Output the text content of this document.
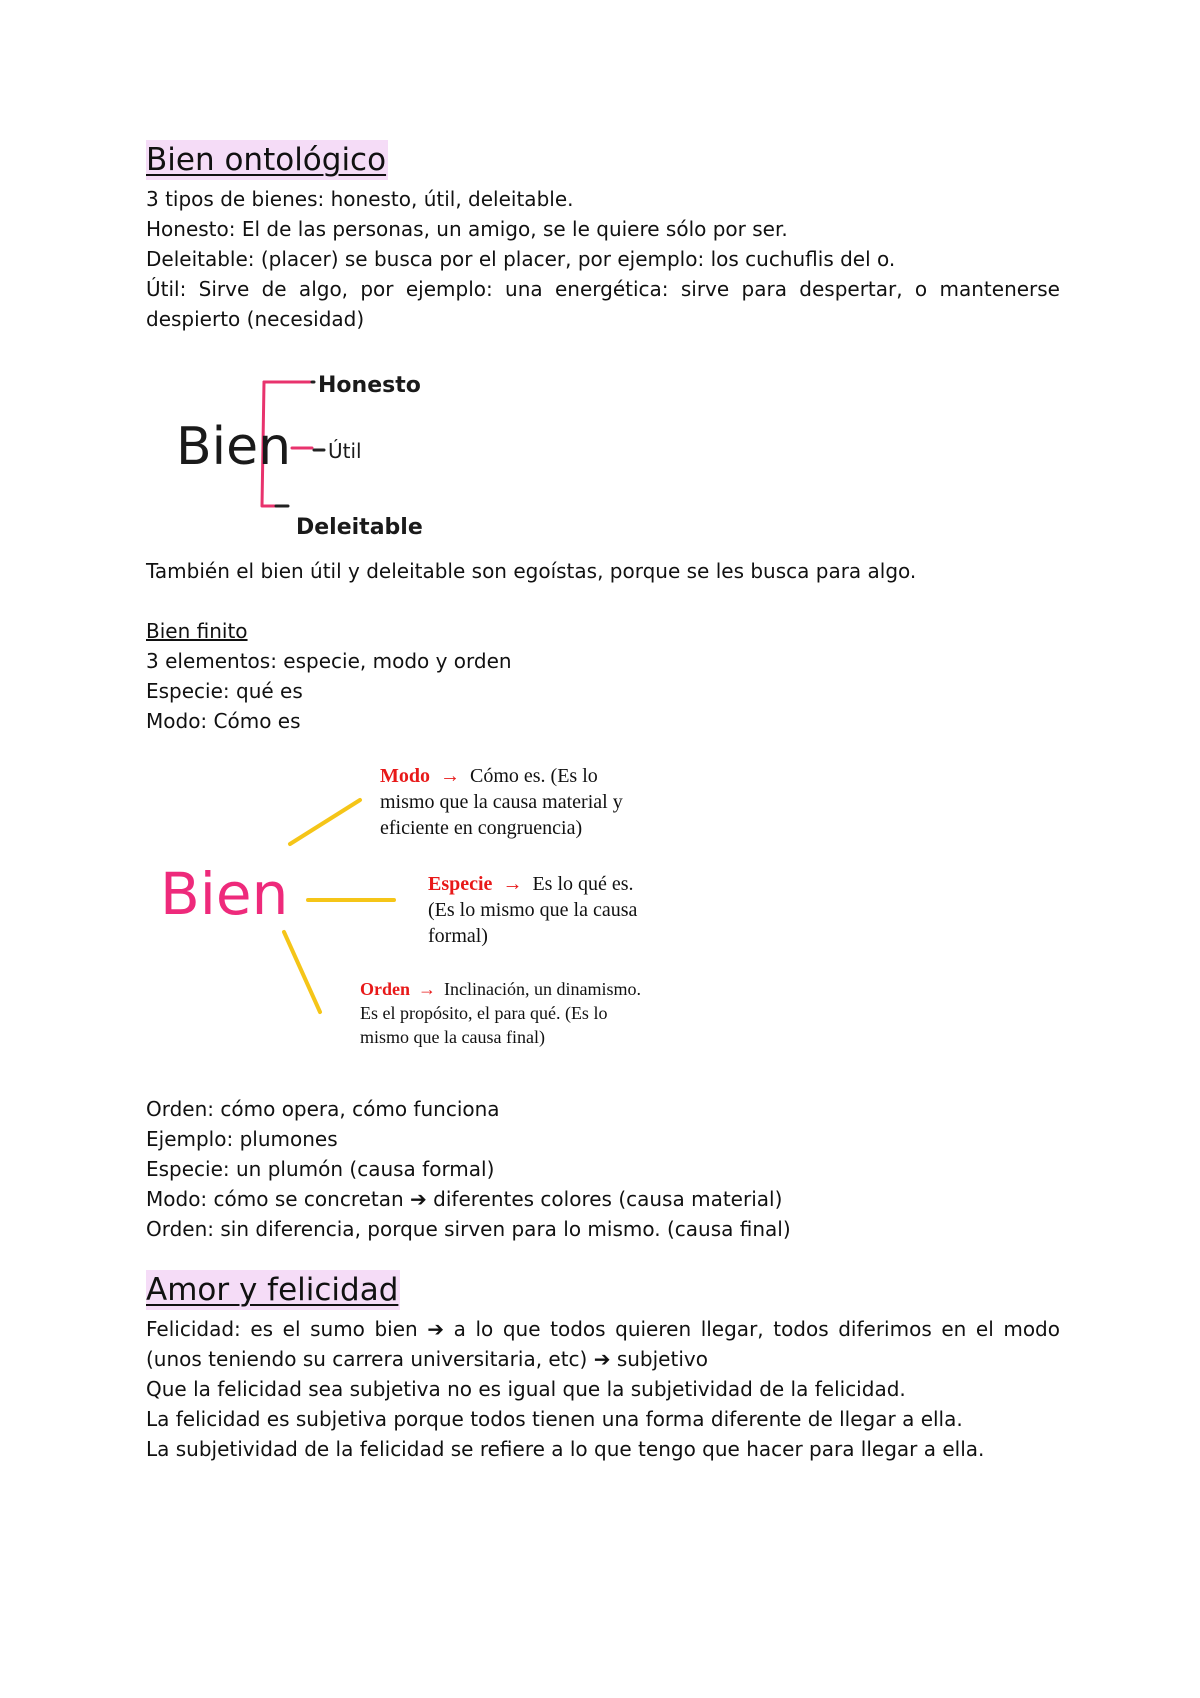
Bien ontológico

3 tipos de bienes: honesto, útil, deleitable.

Honesto: El de las personas, un amigo, se le quiere sólo por ser.

Deleitable: (placer) se busca por el placer, por ejemplo: los cuchuflis del o.

Útil: Sirve de algo, por ejemplo: una energética: sirve para despertar, o mantenerse despierto (necesidad)

Bien
Honesto
Útil
Deleitable

También el bien útil y deleitable son egoístas, porque se les busca para algo.

Bien finito

3 elementos: especie, modo y orden

Especie: qué es

Modo: Cómo es

Bien
Modo → Cómo es. (Es lo
mismo que la causa material y
eficiente en congruencia)
Especie → Es lo qué es.
(Es lo mismo que la causa
formal)
Orden → Inclinación, un dinamismo.
Es el propósito, el para qué. (Es lo
mismo que la causa final)

Orden: cómo opera, cómo funciona

Ejemplo: plumones

Especie: un plumón (causa formal)

Modo: cómo se concretan ➔ diferentes colores (causa material)

Orden: sin diferencia, porque sirven para lo mismo. (causa final)

Amor y felicidad

Felicidad: es el sumo bien ➔ a lo que todos quieren llegar, todos diferimos en el modo (unos teniendo su carrera universitaria, etc) ➔ subjetivo

Que la felicidad sea subjetiva no es igual que la subjetividad de la felicidad.

La felicidad es subjetiva porque todos tienen una forma diferente de llegar a ella.

La subjetividad de la felicidad se refiere a lo que tengo que hacer para llegar a ella.
